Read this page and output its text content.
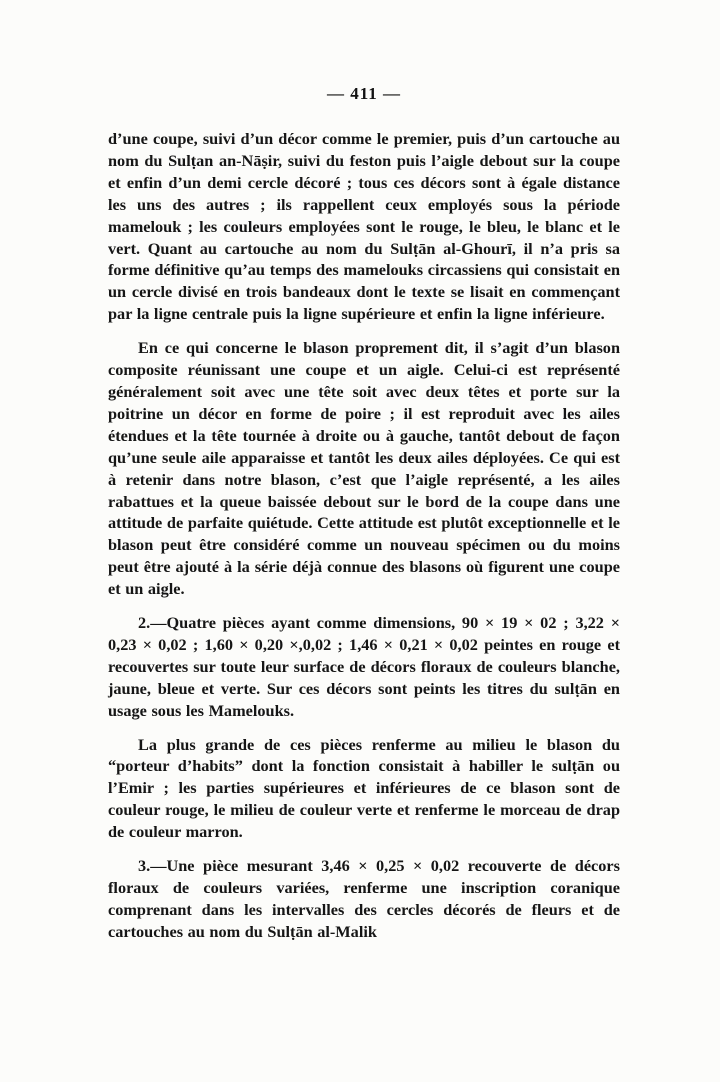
— 411 —

d’une coupe, suivi d’un décor comme le premier, puis d’un cartouche au nom du Sulṭan an-Nāṣir, suivi du feston puis l’aigle debout sur la coupe et enfin d’un demi cercle décoré ; tous ces décors sont à égale distance les uns des autres ; ils rappellent ceux employés sous la période mamelouk ; les couleurs employées sont le rouge, le bleu, le blanc et le vert. Quant au cartouche au nom du Sulṭān al-Ghourī, il n’a pris sa forme définitive qu’au temps des mamelouks circassiens qui consistait en un cercle divisé en trois bandeaux dont le texte se lisait en commençant par la ligne centrale puis la ligne supérieure et enfin la ligne inférieure.

En ce qui concerne le blason proprement dit, il s’agit d’un blason composite réunissant une coupe et un aigle. Celui-ci est représenté généralement soit avec une tête soit avec deux têtes et porte sur la poitrine un décor en forme de poire ; il est reproduit avec les ailes étendues et la tête tournée à droite ou à gauche, tantôt debout de façon qu’une seule aile apparaisse et tantôt les deux ailes déployées. Ce qui est à retenir dans notre blason, c’est que l’aigle représenté, a les ailes rabattues et la queue baissée debout sur le bord de la coupe dans une attitude de parfaite quiétude. Cette attitude est plutôt exceptionnelle et le blason peut être considéré comme un nouveau spécimen ou du moins peut être ajouté à la série déjà connue des blasons où figurent une coupe et un aigle.

2.—Quatre pièces ayant comme dimensions, 90 × 19 × 02 ; 3,22 × 0,23 × 0,02 ; 1,60 × 0,20 ×,0,02 ; 1,46 × 0,21 × 0,02 peintes en rouge et recouvertes sur toute leur surface de décors floraux de couleurs blanche, jaune, bleue et verte. Sur ces décors sont peints les titres du sulṭān en usage sous les Mamelouks.

La plus grande de ces pièces renferme au milieu le blason du “porteur d’habits” dont la fonction consistait à habiller le sulṭān ou l’Emir ; les parties supérieures et inférieures de ce blason sont de couleur rouge, le milieu de couleur verte et renferme le morceau de drap de couleur marron.

3.—Une pièce mesurant 3,46 × 0,25 × 0,02 recouverte de décors floraux de couleurs variées, renferme une inscription coranique comprenant dans les intervalles des cercles décorés de fleurs et de cartouches au nom du Sulṭān al-Malik
